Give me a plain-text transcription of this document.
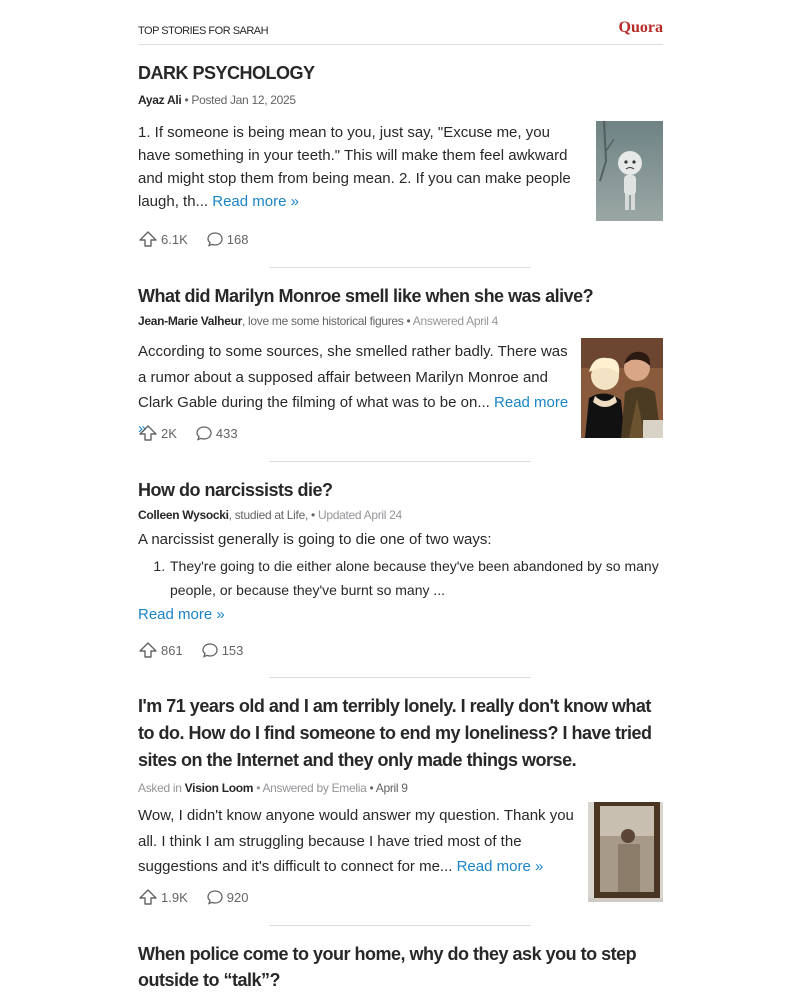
TOP STORIES FOR SARAH	Quora
DARK PSYCHOLOGY
Ayaz Ali • Posted Jan 12, 2025
1. If someone is being mean to you, just say, "Excuse me, you have something in your teeth." This will make them feel awkward and might stop them from being mean. 2. If you can make people laugh, th... Read more »
6.1K	168
What did Marilyn Monroe smell like when she was alive?
Jean-Marie Valheur, love me some historical figures • Answered April 4
According to some sources, she smelled rather badly. There was a rumor about a supposed affair between Marilyn Monroe and Clark Gable during the filming of what was to be on... Read more »	2K	433
How do narcissists die?
Colleen Wysocki, studied at Life, • Updated April 24
A narcissist generally is going to die one of two ways:
1. They're going to die either alone because they've been abandoned by so many people, or because they've burnt so many ...
Read more »
861	153
I'm 71 years old and I am terribly lonely. I really don't know what to do. How do I find someone to end my loneliness? I have tried sites on the Internet and they only made things worse.
Asked in Vision Loom • Answered by Emelia • April 9
Wow, I didn't know anyone would answer my question. Thank you all. I think I am struggling because I have tried most of the suggestions and it's difficult to connect for me... Read more »
1.9K	920
When police come to your home, why do they ask you to step outside to “talk”?
